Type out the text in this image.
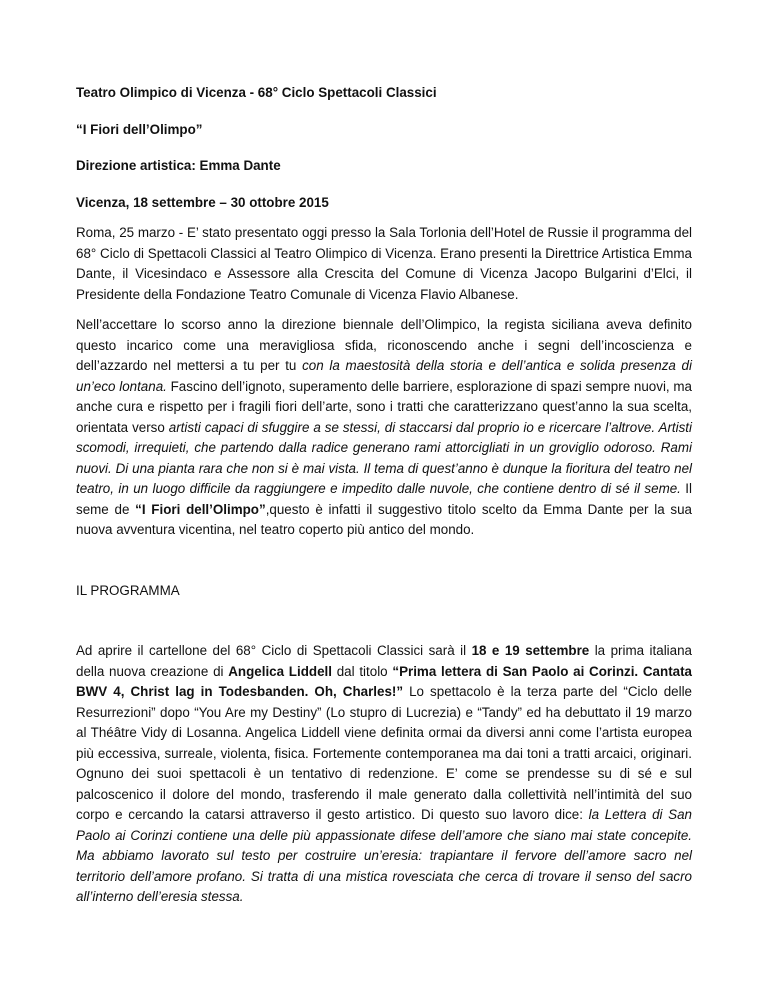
Teatro Olimpico di Vicenza - 68° Ciclo Spettacoli Classici
“I Fiori dell’Olimpo”
Direzione artistica: Emma Dante
Vicenza, 18 settembre – 30 ottobre 2015

Roma, 25 marzo - E’ stato presentato oggi presso la Sala Torlonia dell’Hotel de Russie il programma del 68° Ciclo di Spettacoli Classici al Teatro Olimpico di Vicenza. Erano presenti la Direttrice Artistica Emma Dante, il Vicesindaco e Assessore alla Crescita del Comune di Vicenza Jacopo Bulgarini d’Elci, il Presidente della Fondazione Teatro Comunale di Vicenza Flavio Albanese.

Nell’accettare lo scorso anno la direzione biennale dell’Olimpico, la regista siciliana aveva definito questo incarico come una meravigliosa sfida, riconoscendo anche i segni dell’incoscienza e dell’azzardo nel mettersi a tu per tu con la maestosità della storia e dell’antica e solida presenza di un’eco lontana. Fascino dell’ignoto, superamento delle barriere, esplorazione di spazi sempre nuovi, ma anche cura e rispetto per i fragili fiori dell’arte, sono i tratti che caratterizzano quest’anno la sua scelta, orientata verso artisti capaci di sfuggire a se stessi, di staccarsi dal proprio io e ricercare l’altrove. Artisti scomodi, irrequieti, che partendo dalla radice generano rami attorcigliati in un groviglio odoroso. Rami nuovi. Di una pianta rara che non si è mai vista. Il tema di quest’anno è dunque la fioritura del teatro nel teatro, in un luogo difficile da raggiungere e impedito dalle nuvole, che contiene dentro di sé il seme. Il seme de “I Fiori dell’Olimpo”,questo è infatti il suggestivo titolo scelto da Emma Dante per la sua nuova avventura vicentina, nel teatro coperto più antico del mondo.

IL PROGRAMMA

Ad aprire il cartellone del 68° Ciclo di Spettacoli Classici sarà il 18 e 19 settembre la prima italiana della nuova creazione di Angelica Liddell dal titolo “Prima lettera di San Paolo ai Corinzi. Cantata BWV 4, Christ lag in Todesbanden. Oh, Charles!” Lo spettacolo è la terza parte del “Ciclo delle Resurrezioni” dopo “You Are my Destiny” (Lo stupro di Lucrezia) e “Tandy” ed ha debuttato il 19 marzo al Théâtre Vidy di Losanna. Angelica Liddell viene definita ormai da diversi anni come l’artista europea più eccessiva, surreale, violenta, fisica. Fortemente contemporanea ma dai toni a tratti arcaici, originari. Ognuno dei suoi spettacoli è un tentativo di redenzione. E’ come se prendesse su di sé e sul palcoscenico il dolore del mondo, trasferendo il male generato dalla collettività nell’intimità del suo corpo e cercando la catarsi attraverso il gesto artistico. Di questo suo lavoro dice: la Lettera di San Paolo ai Corinzi contiene una delle più appassionate difese dell’amore che siano mai state concepite. Ma abbiamo lavorato sul testo per costruire un’eresia: trapiantare il fervore dell’amore sacro nel territorio dell’amore profano. Si tratta di una mistica rovesciata che cerca di trovare il senso del sacro all’interno dell’eresia stessa.
